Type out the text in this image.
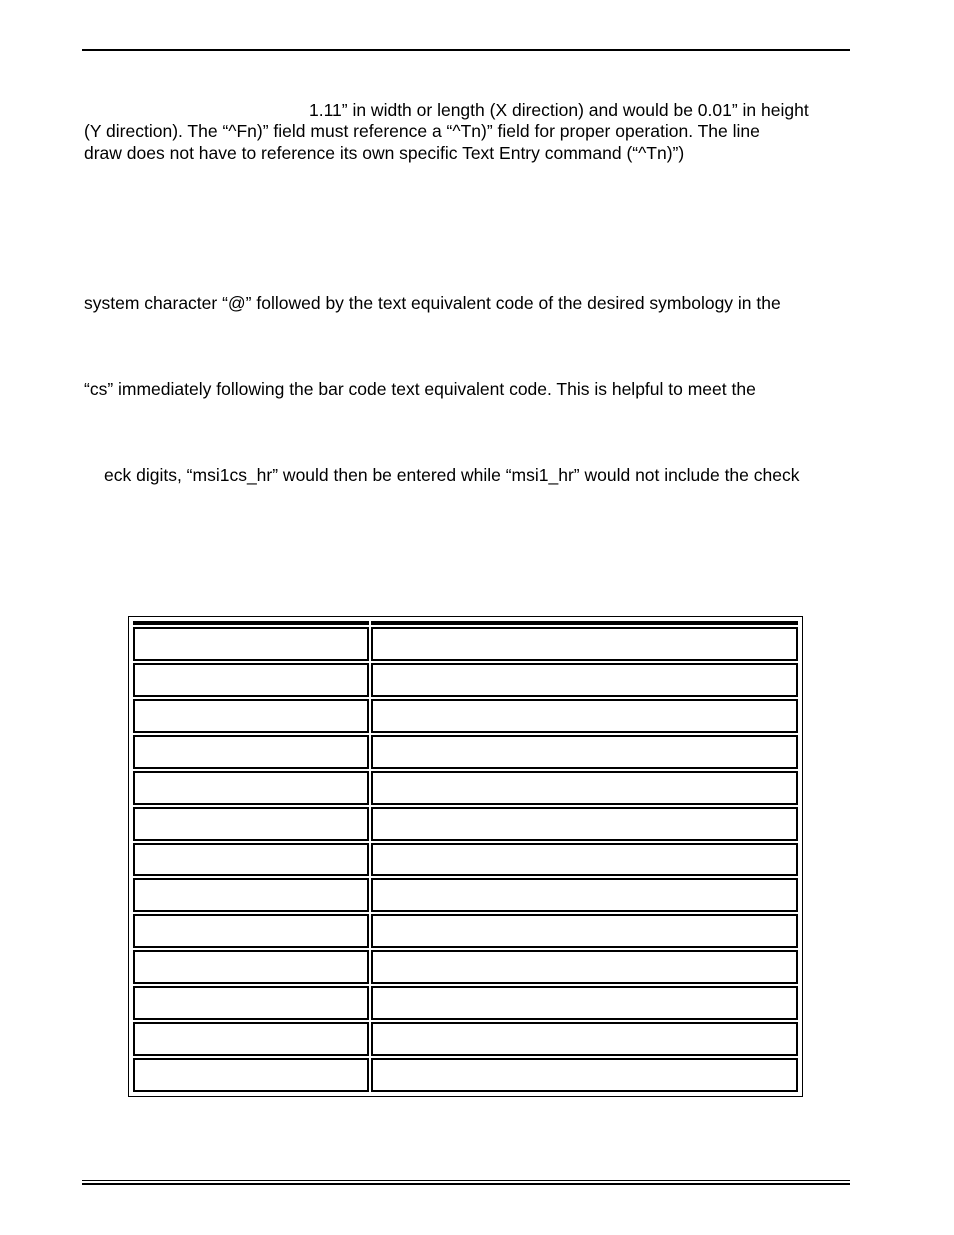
1.11” in width or length (X direction) and would be 0.01” in height
(Y direction). The “^Fn)” field must reference a “^Tn)” field for proper operation. The line
draw does not have to reference its own specific Text Entry command (“^Tn)”)
system character “@” followed by the text equivalent code of the desired symbology in the
“cs” immediately following the bar code text equivalent code. This is helpful to meet the
eck digits, “msi1cs_hr” would then be entered while “msi1_hr” would not include the check
